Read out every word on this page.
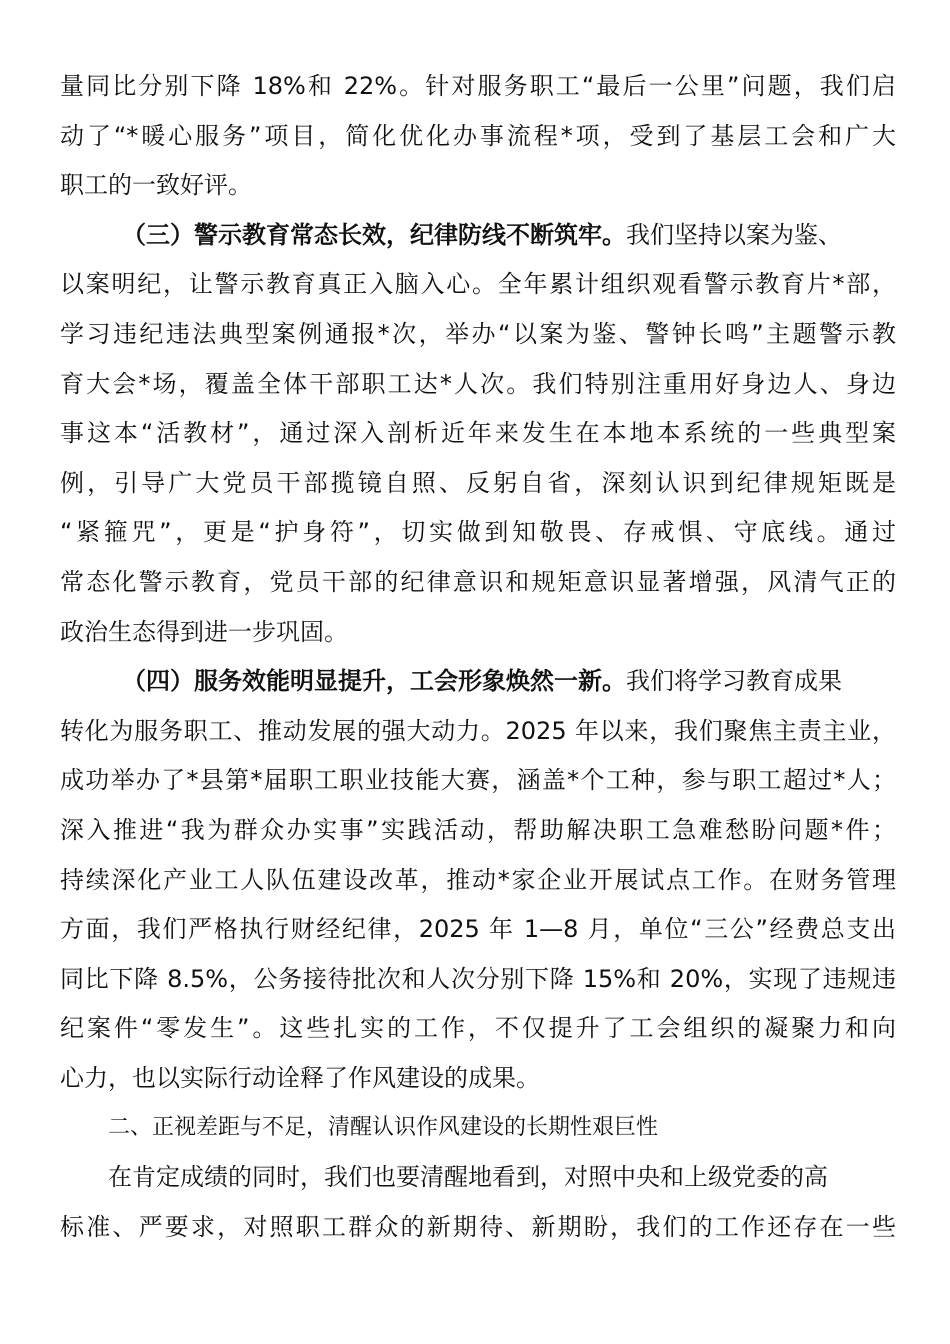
量同比分别下降 18%和 22%。针对服务职工“最后一公里”问题，我们启
动了“*暖心服务”项目，简化优化办事流程*项，受到了基层工会和广大
职工的一致好评。
（三）警示教育常态长效，纪律防线不断筑牢。我们坚持以案为鉴、
以案明纪，让警示教育真正入脑入心。全年累计组织观看警示教育片*部，
学习违纪违法典型案例通报*次，举办“以案为鉴、警钟长鸣”主题警示教
育大会*场，覆盖全体干部职工达*人次。我们特别注重用好身边人、身边
事这本“活教材”，通过深入剖析近年来发生在本地本系统的一些典型案
例，引导广大党员干部揽镜自照、反躬自省，深刻认识到纪律规矩既是
“紧箍咒”，更是“护身符”，切实做到知敬畏、存戒惧、守底线。通过
常态化警示教育，党员干部的纪律意识和规矩意识显著增强，风清气正的
政治生态得到进一步巩固。
（四）服务效能明显提升，工会形象焕然一新。我们将学习教育成果
转化为服务职工、推动发展的强大动力。2025 年以来，我们聚焦主责主业，
成功举办了*县第*届职工职业技能大赛，涵盖*个工种，参与职工超过*人；
深入推进“我为群众办实事”实践活动，帮助解决职工急难愁盼问题*件；
持续深化产业工人队伍建设改革，推动*家企业开展试点工作。在财务管理
方面，我们严格执行财经纪律，2025 年 1—8 月，单位“三公”经费总支出
同比下降 8.5%，公务接待批次和人次分别下降 15%和 20%，实现了违规违
纪案件“零发生”。这些扎实的工作，不仅提升了工会组织的凝聚力和向
心力，也以实际行动诠释了作风建设的成果。
二、正视差距与不足，清醒认识作风建设的长期性艰巨性
在肯定成绩的同时，我们也要清醒地看到，对照中央和上级党委的高
标准、严要求，对照职工群众的新期待、新期盼，我们的工作还存在一些
